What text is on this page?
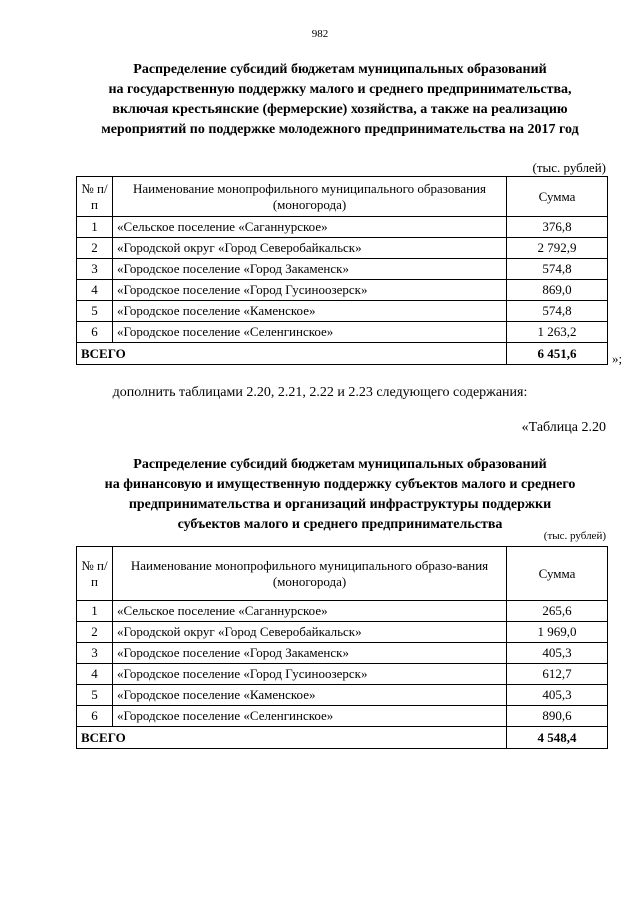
982
Распределение субсидий бюджетам муниципальных образований
на государственную поддержку малого и среднего предпринимательства,
включая крестьянские (фермерские) хозяйства, а также на реализацию
мероприятий по поддержке молодежного предпринимательства на 2017 год
(тыс. рублей)
№ п/п	Наименование монопрофильного муниципального образования (моногорода)	Сумма
1	«Сельское поселение «Саганнурское»	376,8
2	«Городской округ «Город Северобайкальск»	2 792,9
3	«Городское поселение «Город Закаменск»	574,8
4	«Городское поселение «Город Гусиноозерск»	869,0
5	«Городское поселение «Каменское»	574,8
6	«Городское поселение «Селенгинское»	1 263,2
ВСЕГО		6 451,6	»;
дополнить таблицами 2.20, 2.21, 2.22 и 2.23 следующего содержания:
«Таблица 2.20
Распределение субсидий бюджетам муниципальных образований
на финансовую и имущественную поддержку субъектов малого и среднего
предпринимательства и организаций инфраструктуры поддержки
субъектов малого и среднего предпринимательства
(тыс. рублей)
№ п/п	Наименование монопрофильного муниципального образо-вания (моногорода)	Сумма
1	«Сельское поселение «Саганнурское»	265,6
2	«Городской округ «Город Северобайкальск»	1 969,0
3	«Городское поселение «Город Закаменск»	405,3
4	«Городское поселение «Город Гусиноозерск»	612,7
5	«Городское поселение «Каменское»	405,3
6	«Городское поселение «Селенгинское»	890,6
ВСЕГО		4 548,4
